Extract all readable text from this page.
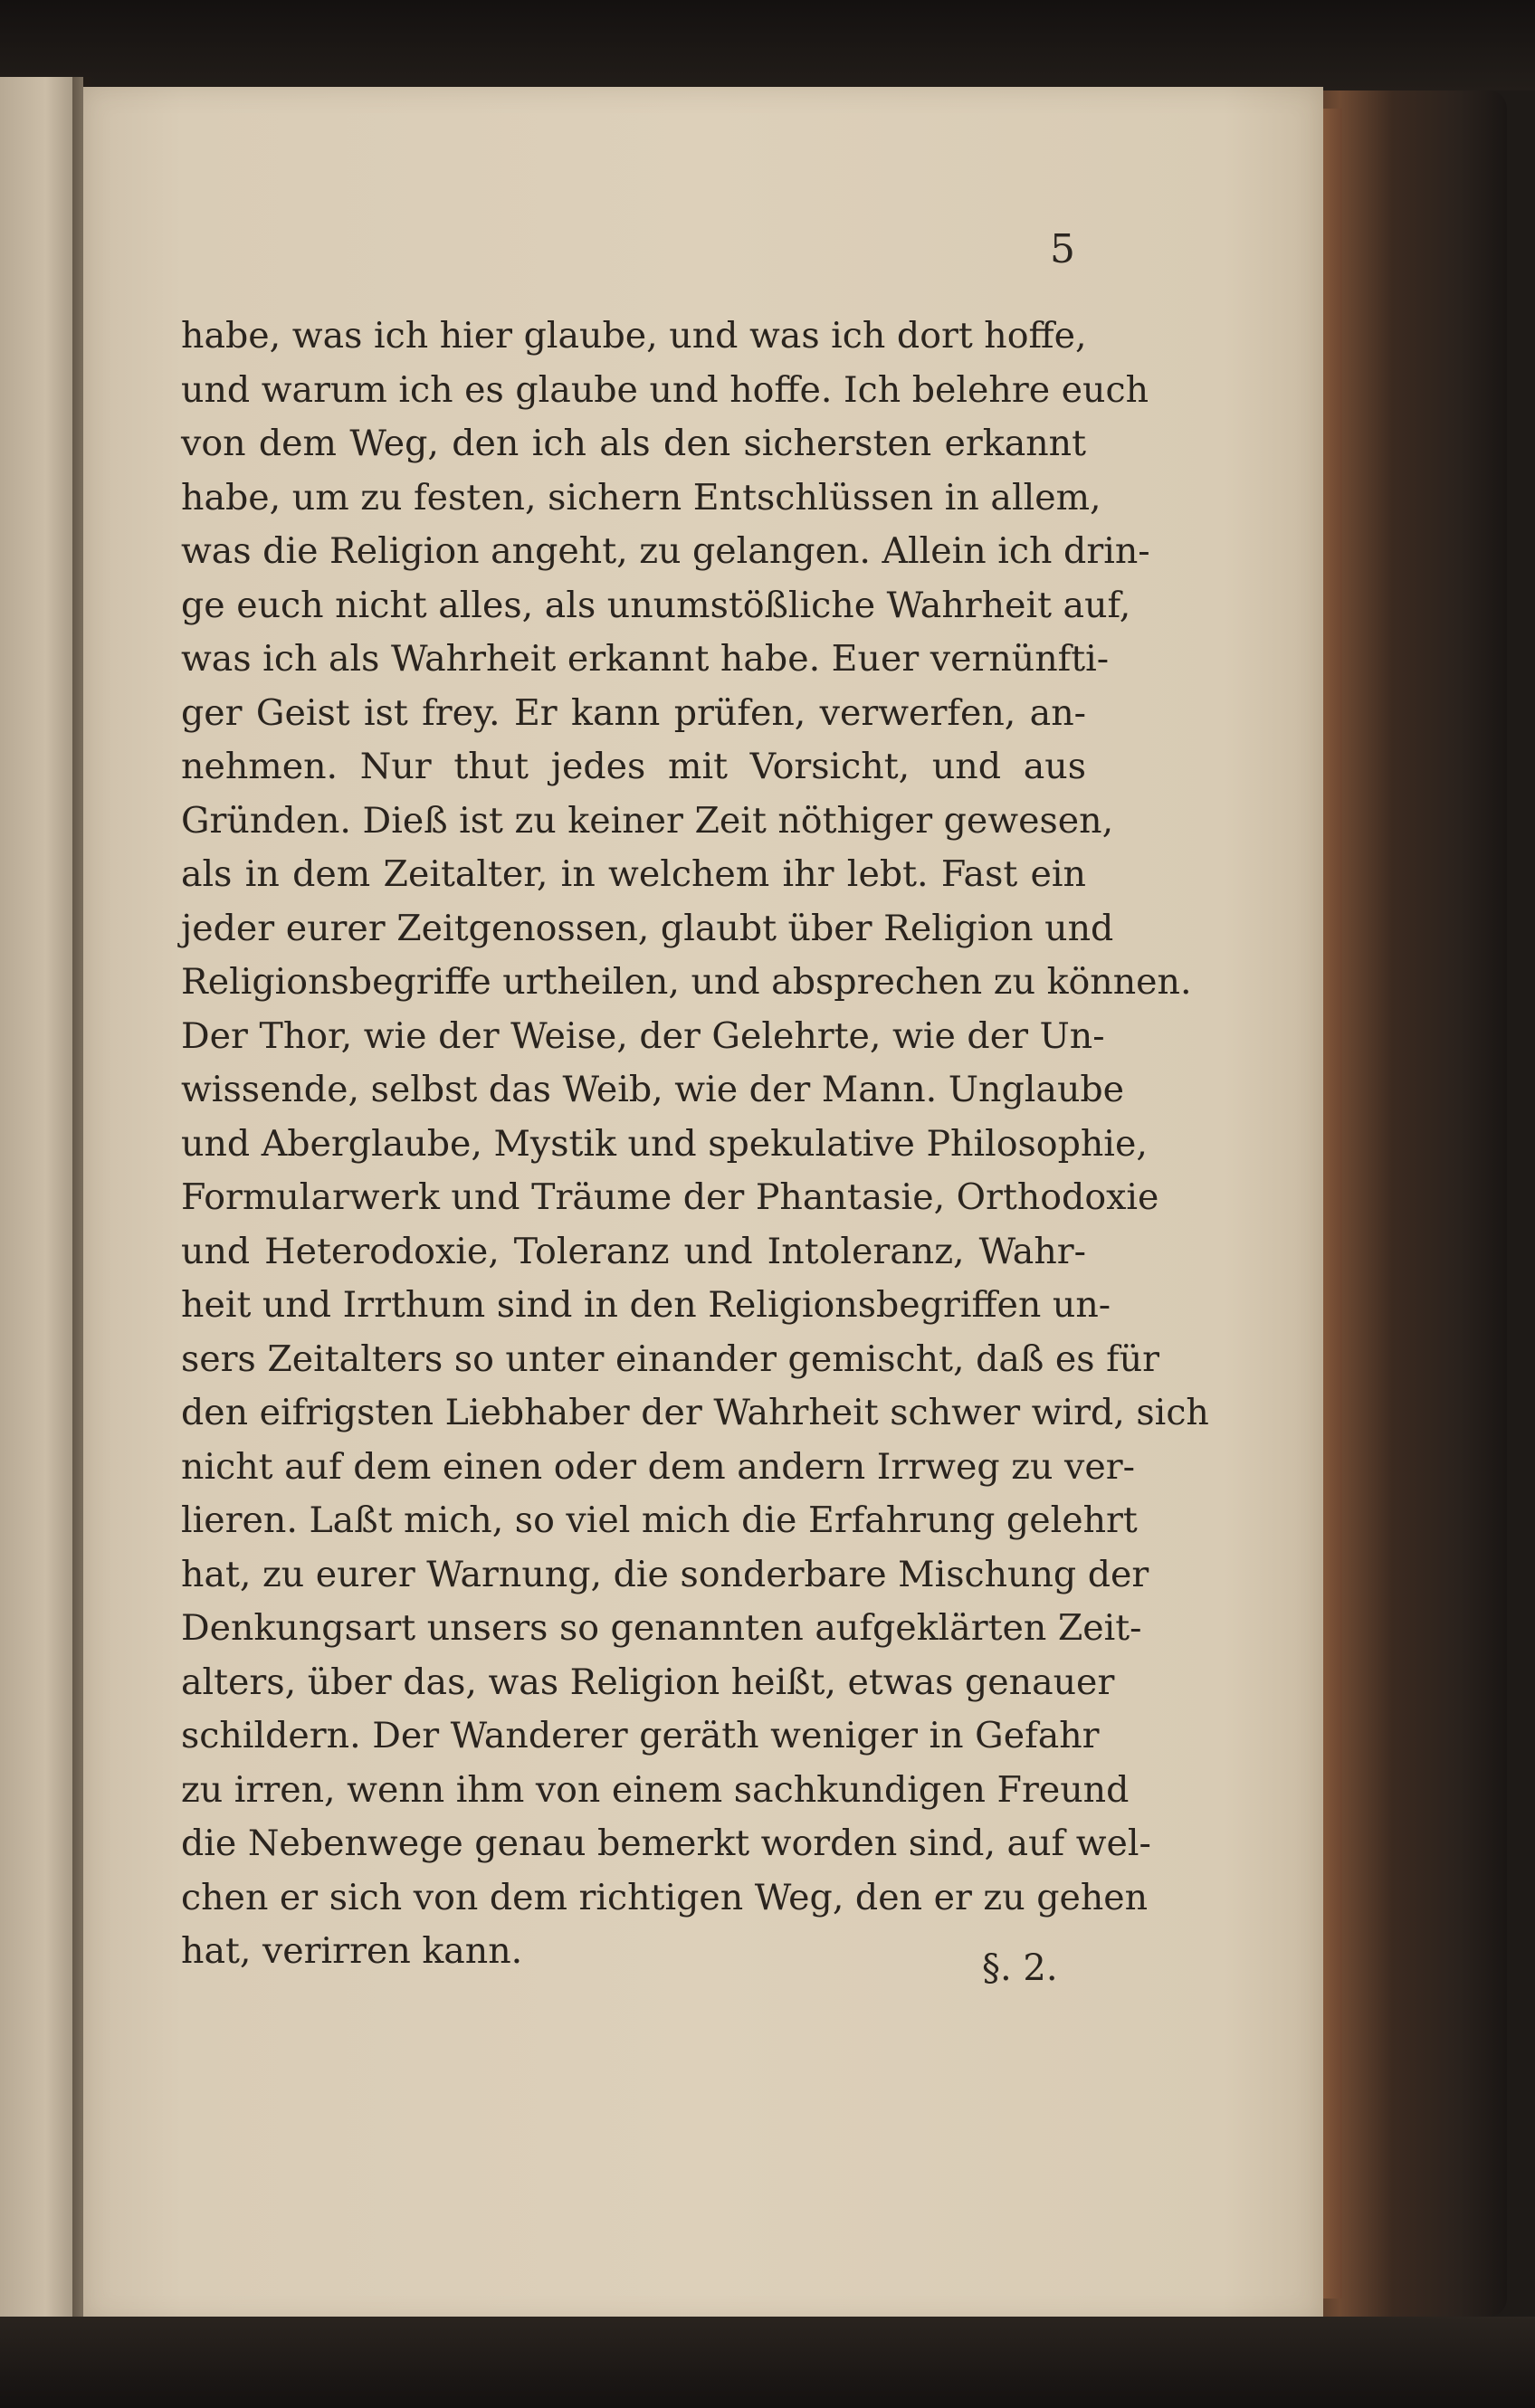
5

habe, was ich hier glaube, und was ich dort hoffe,
und warum ich es glaube und hoffe. Ich belehre euch
von dem Weg, den ich als den sichersten erkannt
habe, um zu festen, sichern Entschlüssen in allem,
was die Religion angeht, zu gelangen. Allein ich drin-
ge euch nicht alles, als unumstößliche Wahrheit auf,
was ich als Wahrheit erkannt habe. Euer vernünfti-
ger Geist ist frey. Er kann prüfen, verwerfen, an-
nehmen. Nur thut jedes mit Vorsicht, und aus
Gründen. Dieß ist zu keiner Zeit nöthiger gewesen,
als in dem Zeitalter, in welchem ihr lebt. Fast ein
jeder eurer Zeitgenossen, glaubt über Religion und
Religionsbegriffe urtheilen, und absprechen zu können.
Der Thor, wie der Weise, der Gelehrte, wie der Un-
wissende, selbst das Weib, wie der Mann. Unglaube
und Aberglaube, Mystik und spekulative Philosophie,
Formularwerk und Träume der Phantasie, Orthodoxie
und Heterodoxie, Toleranz und Intoleranz, Wahr-
heit und Irrthum sind in den Religionsbegriffen un-
sers Zeitalters so unter einander gemischt, daß es für
den eifrigsten Liebhaber der Wahrheit schwer wird, sich
nicht auf dem einen oder dem andern Irrweg zu ver-
lieren. Laßt mich, so viel mich die Erfahrung gelehrt
hat, zu eurer Warnung, die sonderbare Mischung der
Denkungsart unsers so genannten aufgeklärten Zeit-
alters, über das, was Religion heißt, etwas genauer
schildern. Der Wanderer geräth weniger in Gefahr
zu irren, wenn ihm von einem sachkundigen Freund
die Nebenwege genau bemerkt worden sind, auf wel-
chen er sich von dem richtigen Weg, den er zu gehen
hat, verirren kann.	§. 2.
